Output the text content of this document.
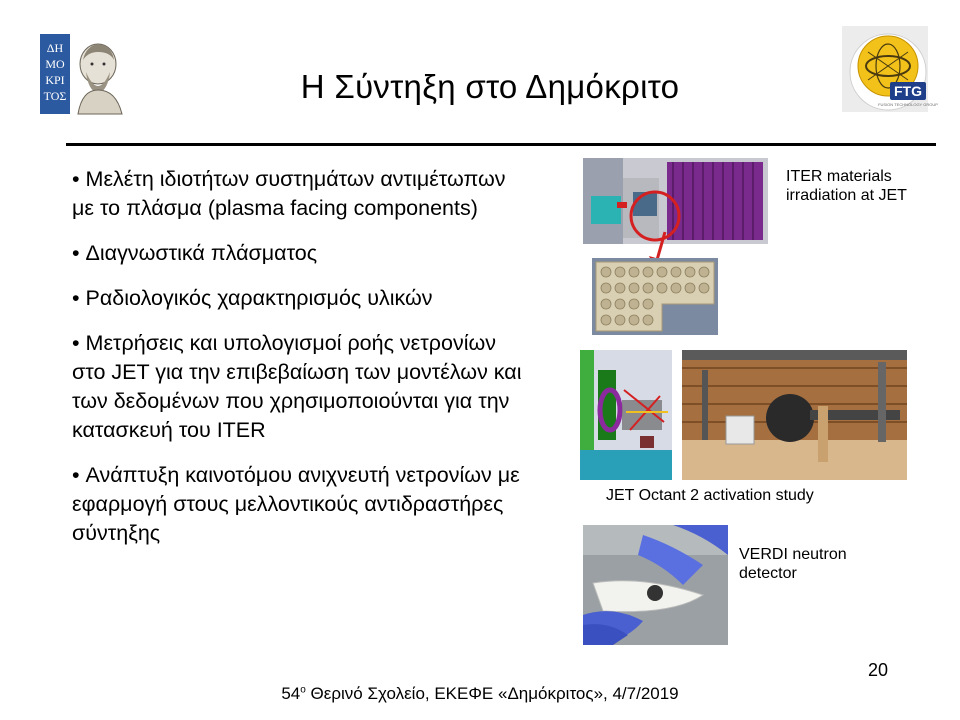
ΔΗ
ΜΟ
ΚΡΙ
ΤΟΣ	Η Σύντηξη στο Δημόκριτο	FTG
FUSION TECHNOLOGY GROUP
• Μελέτη ιδιοτήτων συστημάτων αντιμέτωπων με το πλάσμα (plasma facing components)
• Διαγνωστικά πλάσματος
• Ραδιολογικός χαρακτηρισμός υλικών
• Μετρήσεις και υπολογισμοί ροής νετρονίων στο JET για την επιβεβαίωση των μοντέλων και των δεδομένων που χρησιμοποιούνται για την κατασκευή του ITER
• Ανάπτυξη καινοτόμου ανιχνευτή νετρονίων με εφαρμογή στους μελλοντικούς αντιδραστήρες σύντηξης
ITER materials irradiation at JET
JET Octant 2 activation study
VERDI neutron detector
20
$54^o$ Θερινό Σχολείο, ΕΚΕΦΕ «Δημόκριτος», 4/7/2019
